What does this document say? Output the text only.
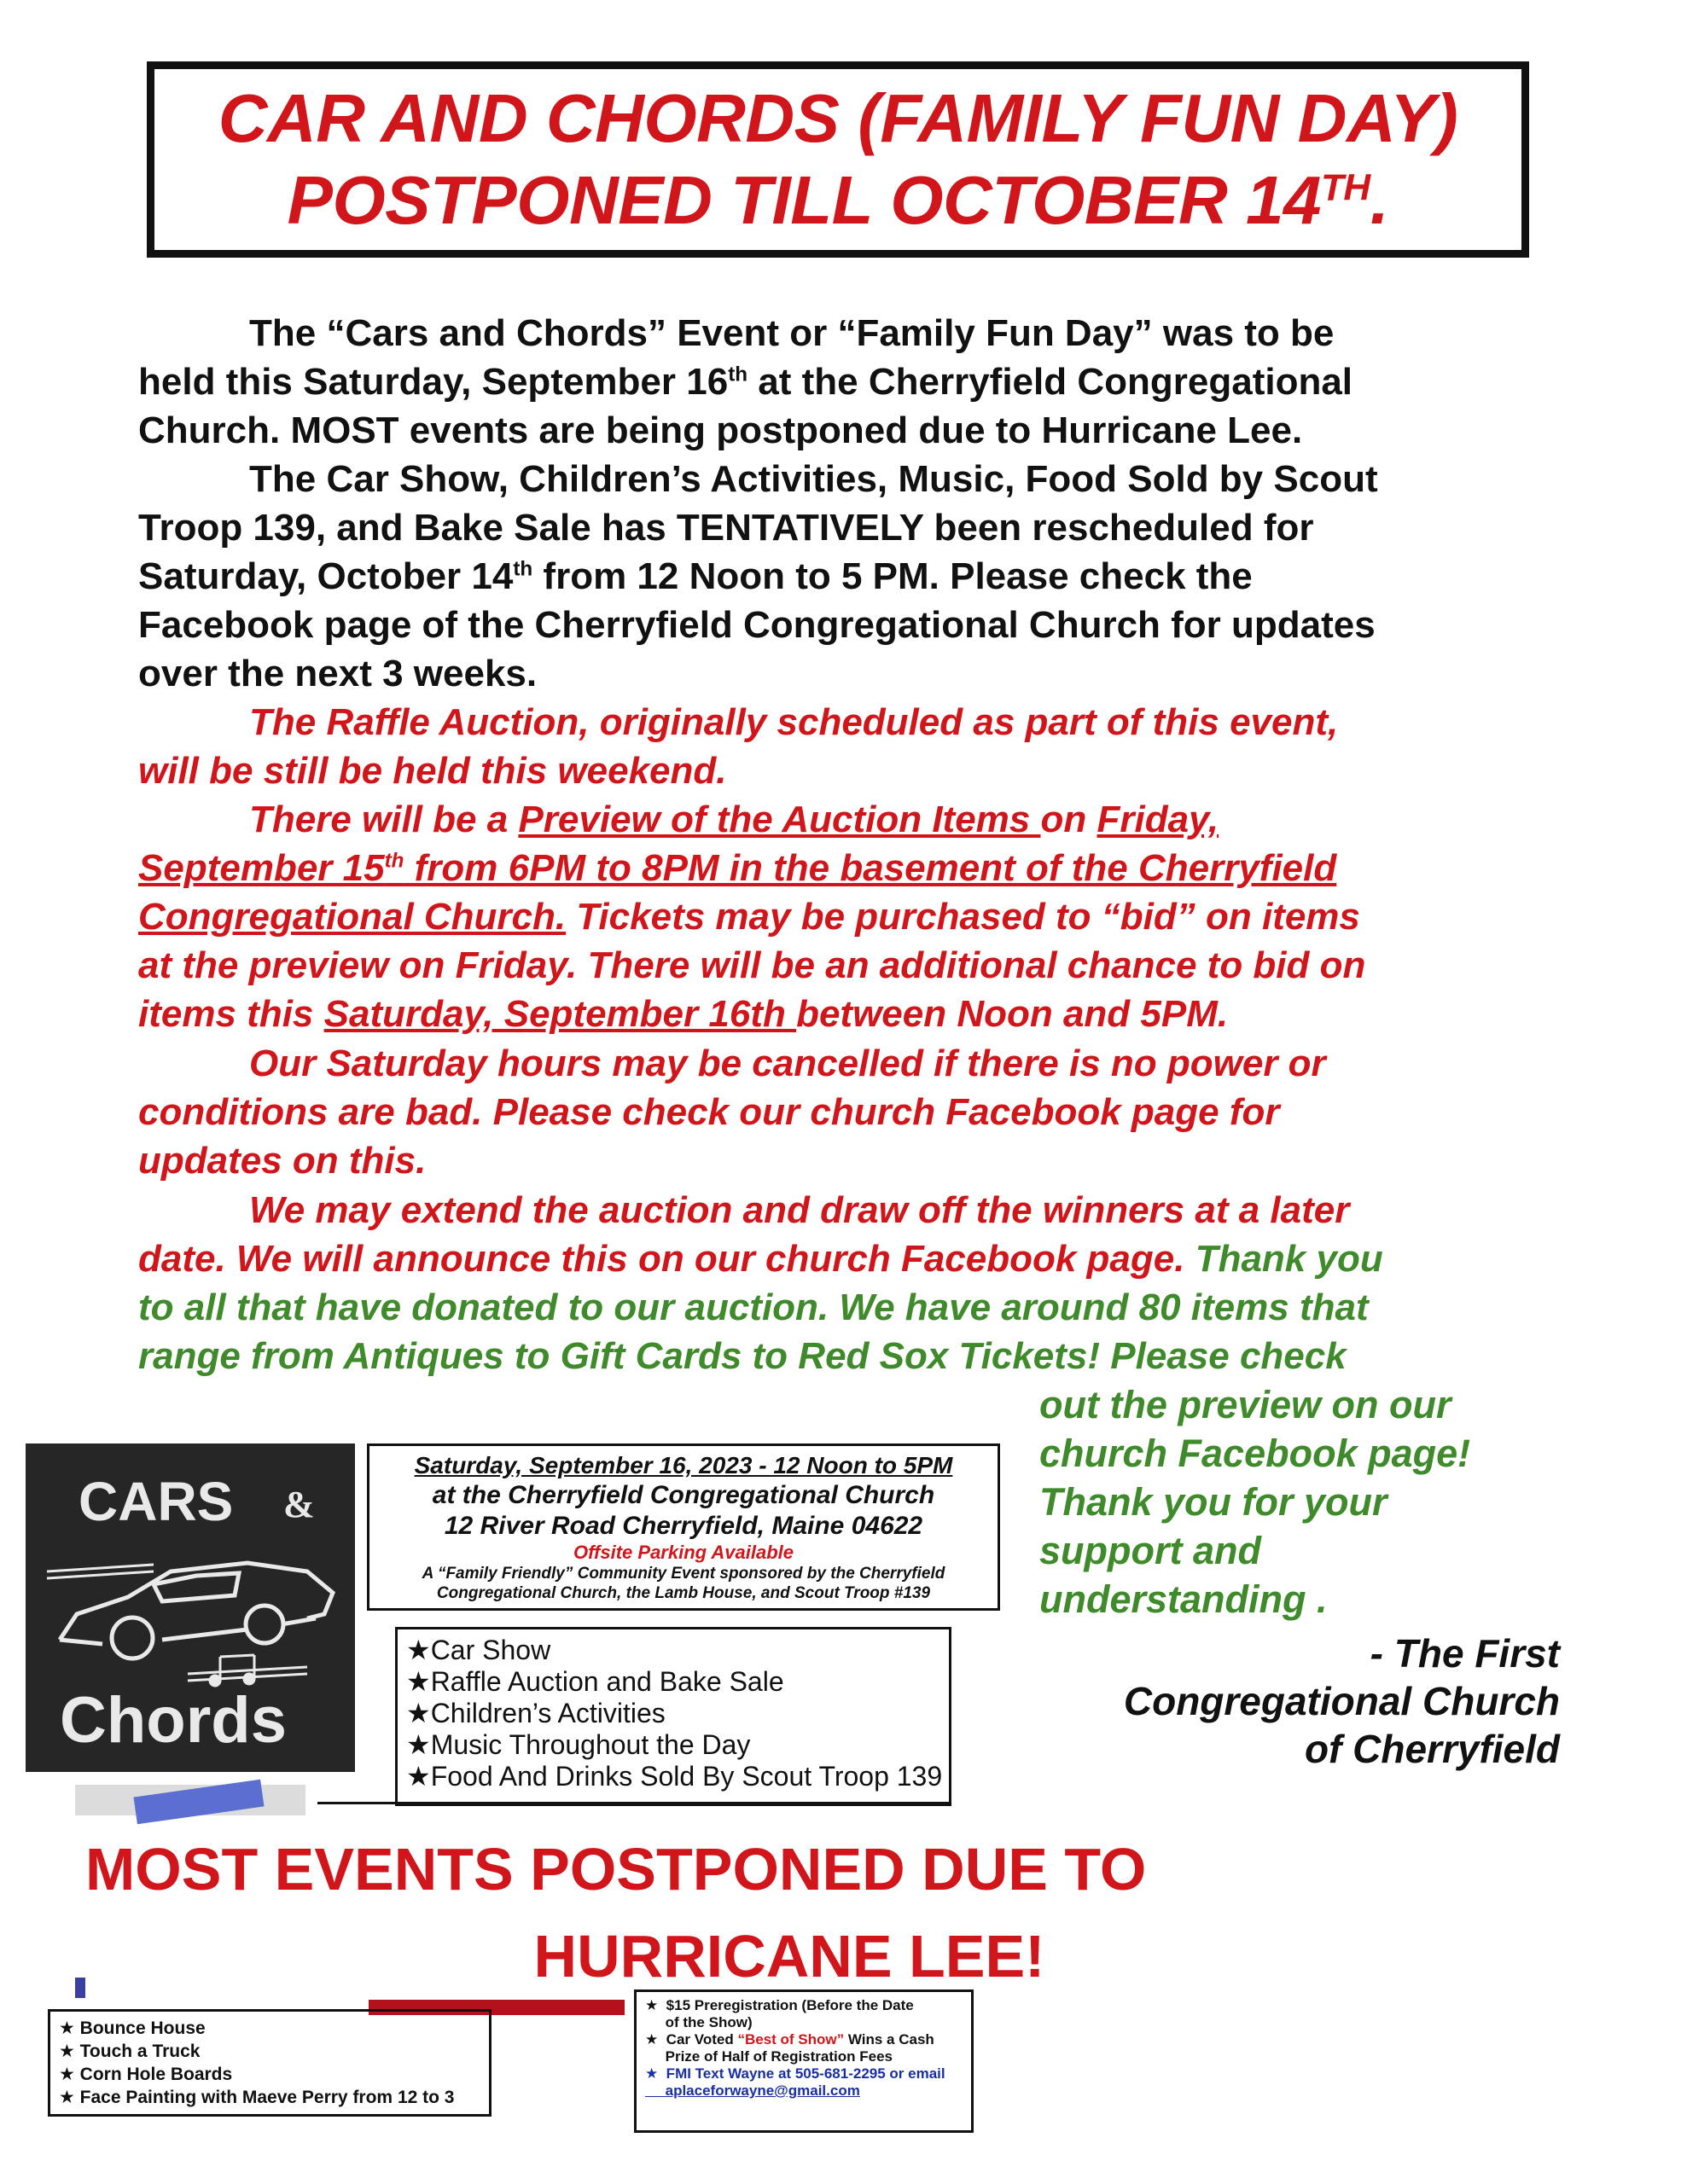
CAR AND CHORDS (FAMILY FUN DAY)
POSTPONED TILL OCTOBER 14TH.
The “Cars and Chords” Event or “Family Fun Day” was to be
held this Saturday, September 16th at the Cherryfield Congregational
Church. MOST events are being postponed due to Hurricane Lee.
The Car Show, Children’s Activities, Music, Food Sold by Scout
Troop 139, and Bake Sale has TENTATIVELY been rescheduled for
Saturday, October 14th from 12 Noon to 5 PM. Please check the
Facebook page of the Cherryfield Congregational Church for updates
over the next 3 weeks.
The Raffle Auction, originally scheduled as part of this event,
will be still be held this weekend.
There will be a Preview of the Auction Items on Friday,
September 15th from 6PM to 8PM in the basement of the Cherryfield
Congregational Church. Tickets may be purchased to “bid” on items
at the preview on Friday. There will be an additional chance to bid on
items this Saturday, September 16th between Noon and 5PM.
Our Saturday hours may be cancelled if there is no power or
conditions are bad. Please check our church Facebook page for
updates on this.
We may extend the auction and draw off the winners at a later
date. We will announce this on our church Facebook page. Thank you
to all that have donated to our auction. We have around 80 items that
range from Antiques to Gift Cards to Red Sox Tickets! Please check
out the preview on our
church Facebook page!
Thank you for your
support and
understanding .
- The First
Congregational Church
of Cherryfield
CARS &
Chords
Saturday, September 16, 2023 - 12 Noon to 5PM
at the Cherryfield Congregational Church
12 River Road Cherryfield, Maine 04622
Offsite Parking Available
A “Family Friendly” Community Event sponsored by the Cherryfield
Congregational Church, the Lamb House, and Scout Troop #139
★Car Show
★Raffle Auction and Bake Sale
★Children’s Activities
★Music Throughout the Day
★Food And Drinks Sold By Scout Troop 139
MOST EVENTS POSTPONED DUE TO
HURRICANE LEE!
★ Bounce House
★ Touch a Truck
★ Corn Hole Boards
★ Face Painting with Maeve Perry from 12 to 3
★  $15 Preregistration (Before the Date
of the Show)
★  Car Voted “Best of Show” Wins a Cash
Prize of Half of Registration Fees
★  FMI Text Wayne at 505-681-2295 or email
aplaceforwayne@gmail.com
